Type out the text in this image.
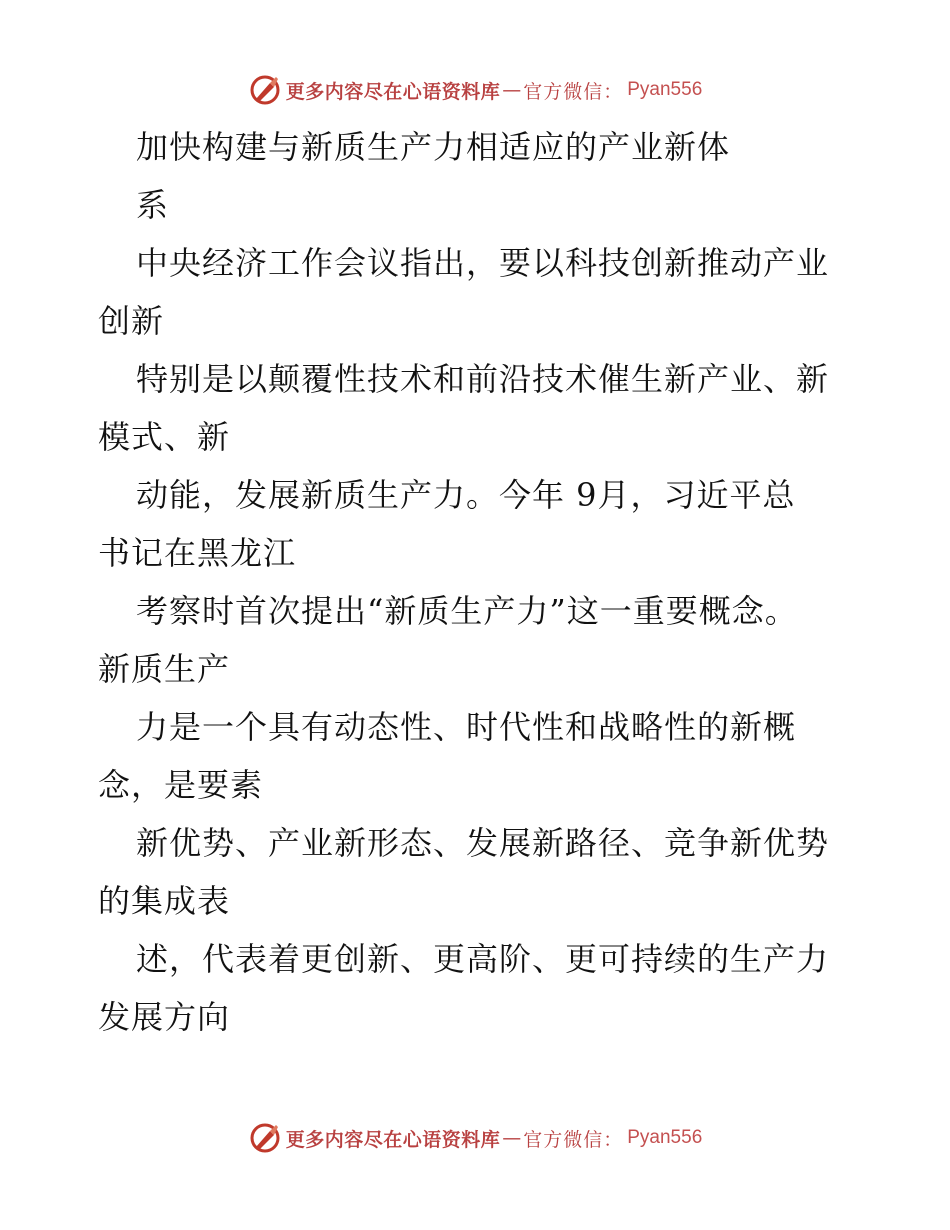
更多内容尽在心语资料库 — 官方微信： Pyan556
加快构建与新质生产力相适应的产业新体
系
中央经济工作会议指出，要以科技创新推动产业
创新
特别是以颠覆性技术和前沿技术催生新产业、新
模式、新
动能，发展新质生产力。今年 9月，习近平总
书记在黑龙江
考察时首次提出“新质生产力”这一重要概念。
新质生产
力是一个具有动态性、时代性和战略性的新概
念，是要素
新优势、产业新形态、发展新路径、竞争新优势
的集成表
述，代表着更创新、更高阶、更可持续的生产力
发展方向
更多内容尽在心语资料库 — 官方微信： Pyan556
